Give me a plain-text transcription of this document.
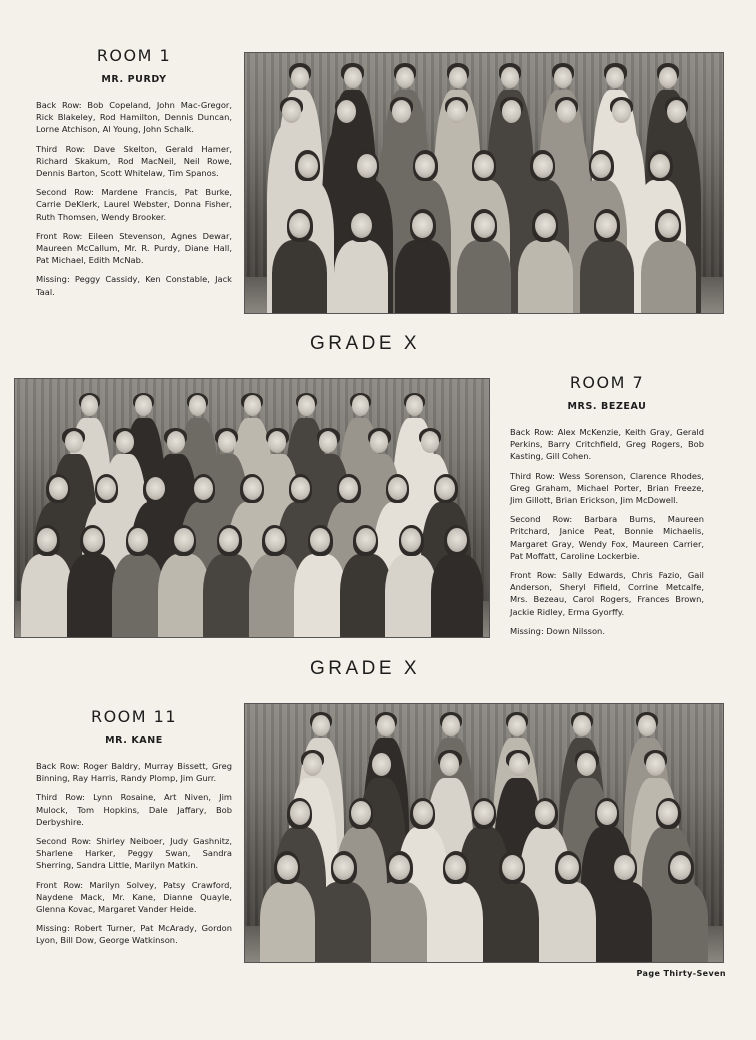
ROOM 1
MR. PURDY

Back Row: Bob Copeland, John Mac-Gregor, Rick Blakeley, Rod Hamilton, Dennis Duncan, Lorne Atchison, Al Young, John Schalk.

Third Row: Dave Skelton, Gerald Hamer, Richard Skakum, Rod MacNeil, Neil Rowe, Dennis Barton, Scott Whitelaw, Tim Spanos.

Second Row: Mardene Francis, Pat Burke, Carrie DeKlerk, Laurel Webster, Donna Fisher, Ruth Thomsen, Wendy Brooker.

Front Row: Eileen Stevenson, Agnes Dewar, Maureen McCallum, Mr. R. Purdy, Diane Hall, Pat Michael, Edith McNab.

Missing: Peggy Cassidy, Ken Constable, Jack Taal.

GRADE X
ROOM 7
MRS. BEZEAU

Back Row: Alex McKenzie, Keith Gray, Gerald Perkins, Barry Critchfield, Greg Rogers, Bob Kasting, Gill Cohen.

Third Row: Wess Sorenson, Clarence Rhodes, Greg Graham, Michael Porter, Brian Freeze, Jim Gillott, Brian Erickson, Jim McDowell.

Second Row: Barbara Burns, Maureen Pritchard, Janice Peat, Bonnie Michaelis, Margaret Gray, Wendy Fox, Maureen Carrier, Pat Moffatt, Caroline Lockerbie.

Front Row: Sally Edwards, Chris Fazio, Gail Anderson, Sheryl Fifield, Corrine Metcalfe, Mrs. Bezeau, Carol Rogers, Frances Brown, Jackie Ridley, Erma Gyorffy.

Missing: Down Nilsson.

GRADE X
ROOM 11
MR. KANE

Back Row: Roger Baldry, Murray Bissett, Greg Binning, Ray Harris, Randy Plomp, Jim Gurr.

Third Row: Lynn Rosaine, Art Niven, Jim Mulock, Tom Hopkins, Dale Jaffary, Bob Derbyshire.

Second Row: Shirley Neiboer, Judy Gashnitz, Sharlene Harker, Peggy Swan, Sandra Sherring, Sandra Little, Marilyn Matkin.

Front Row: Marilyn Solvey, Patsy Crawford, Naydene Mack, Mr. Kane, Dianne Quayle, Glenna Kovac, Margaret Vander Heide.

Missing: Robert Turner, Pat McArady, Gordon Lyon, Bill Dow, George Watkinson.

Page Thirty-Seven
